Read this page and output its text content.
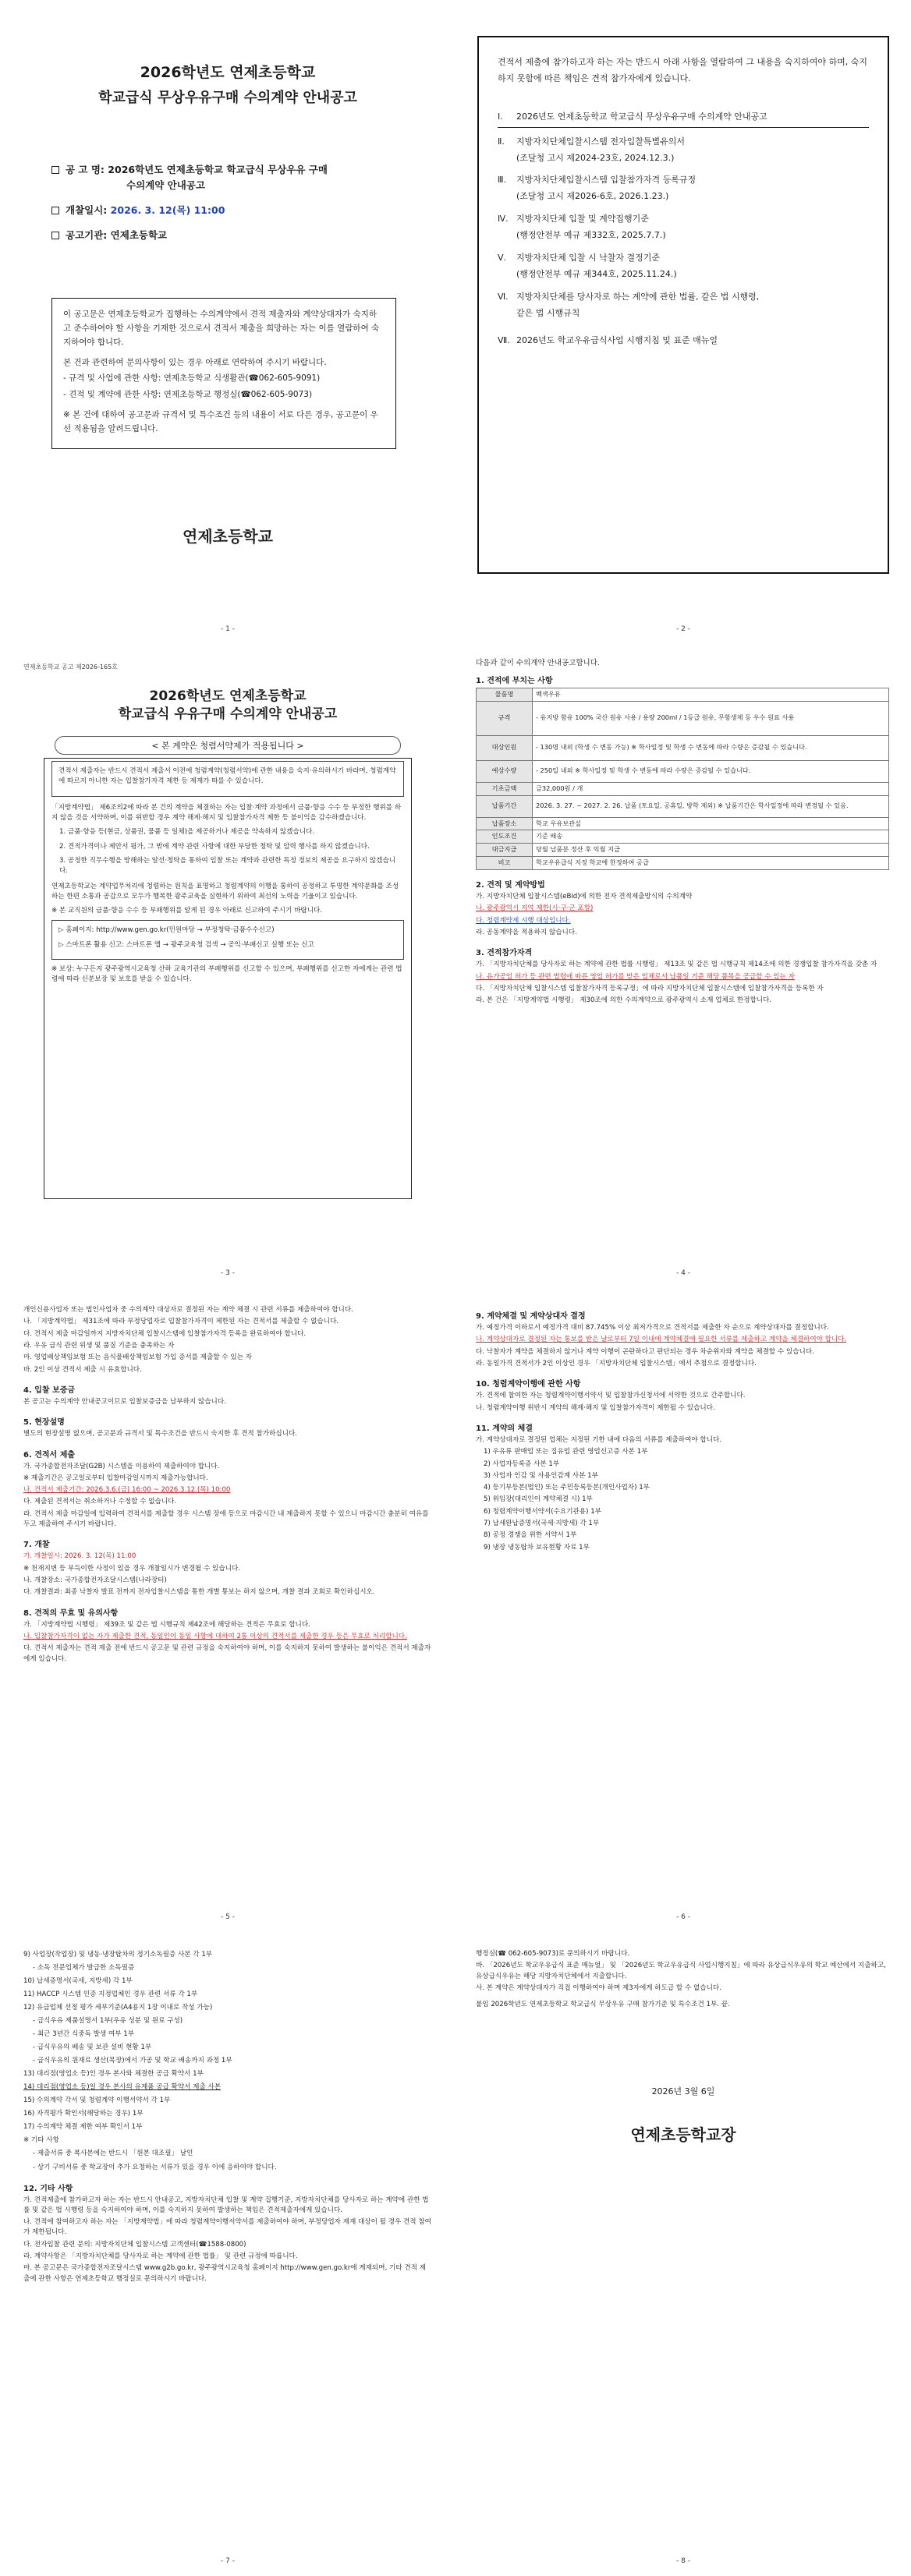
2026학년도 연제초등학교
학교급식 무상우유구매 수의계약 안내공고
공 고 명: 2026학년도 연제초등학교 학교급식 무상우유 구매
수의계약 안내공고
개찰일시: 2026. 3. 12(목) 11:00
공고기관: 연제초등학교

이 공고문은 연제초등학교가 집행하는 수의계약에서 견적 제출자와 계약상대자가 숙지하고 준수하여야 할 사항을 기재한 것으로서 견적서 제출을 희망하는 자는 이를 열람하여 숙지하여야 합니다.

본 건과 관련하여 문의사항이 있는 경우 아래로 연락하여 주시기 바랍니다.

- 규격 및 사업에 관한 사항: 연제초등학교 식생활관(☎062-605-9091)

- 견적 및 계약에 관한 사항: 연제초등학교 행정실(☎062-605-9073)

※ 본 건에 대하여 공고문과 규격서 및 특수조건 등의 내용이 서로 다른 경우, 공고문이 우선 적용됨을 알려드립니다.

연제초등학교
- 1 -
견적서 제출에 참가하고자 하는 자는 반드시 아래 사항을 열람하여 그 내용을 숙지하여야 하며, 숙지하지 못함에 따른 책임은 견적 참가자에게 있습니다.
Ⅰ. 2026년도 연제초등학교 학교급식 무상우유구매 수의계약 안내공고
Ⅱ. 지방자치단체입찰시스템 전자입찰특별유의서
(조달청 고시 제2024-23호, 2024.12.3.)
Ⅲ. 지방자치단체입찰시스템 입찰참가자격 등록규정
(조달청 고시 제2026-6호, 2026.1.23.)
Ⅳ. 지방자치단체 입찰 및 계약집행기준
(행정안전부 예규 제332호, 2025.7.7.)
Ⅴ. 지방자치단체 입찰 시 낙찰자 결정기준
(행정안전부 예규 제344호, 2025.11.24.)
Ⅵ. 지방자치단체를 당사자로 하는 계약에 관한 법률, 같은 법 시행령,
같은 법 시행규칙
Ⅶ. 2026년도 학교우유급식사업 시행지침 및 표준 매뉴얼
- 2 -
연제초등학교 공고 제2026-165호
2026학년도 연제초등학교
학교급식 우유구매 수의계약 안내공고
< 본 계약은 청렴서약제가 적용됩니다 >

견적서 제출자는 반드시 견적서 제출서 이전에 청렴계약(청렴서약)에 관한 내용을 숙지·유의하시기 바라며, 청렴계약에 따르지 아니한 자는 입찰참가자격 제한 등 제재가 따를 수 있습니다.

「지방계약법」 제6조의2에 따라 본 건의 계약을 체결하는 자는 입찰·계약 과정에서 금품·향응 수수 등 부정한 행위를 하지 않을 것을 서약하며, 이를 위반할 경우 계약 해제·해지 및 입찰참가자격 제한 등 불이익을 감수하겠습니다.

1. 금품·향응 등(현금, 상품권, 물품 등 일체)을 제공하거나 제공을 약속하지 않겠습니다.

2. 견적가격이나 제안서 평가, 그 밖에 계약 관련 사항에 대한 부당한 청탁 및 압력 행사를 하지 않겠습니다.

3. 공정한 직무수행을 방해하는 알선·청탁을 통하여 입찰 또는 계약과 관련한 특정 정보의 제공을 요구하지 않겠습니다.

연제초등학교는 계약업무처리에 청렴하는 원칙을 표명하고 청렴계약의 이행을 통하여 공정하고 투명한 계약문화를 조성하는 한편 소통과 공감으로 모두가 행복한 광주교육을 실현하기 위하여 최선의 노력을 기울이고 있습니다.

※ 본 교직원의 금품·향응 수수 등 부패행위를 알게 된 경우 아래로 신고하여 주시기 바랍니다.

▷ 홈페이지: http://www.gen.go.kr(민원마당 → 부정청탁·금품수수신고)

▷ 스마트폰 활용 신고: 스마트폰 앱 → 광주교육청 검색 → 공익·부패신고 실행 또는 신고

※ 보상: 누구든지 광주광역시교육청 산하 교육기관의 부패행위를 신고할 수 있으며, 부패행위를 신고한 자에게는 관련 법령에 따라 신분보장 및 보호를 받을 수 있습니다.

- 3 -
다음과 같이 수의계약 안내공고합니다.
1. 견적에 부치는 사항
물품명	백색우유
규격	- 유지방 함유 100% 국산 원유 사용 / 용량 200ml / 1등급 원유, 무항생제 등 우수 원료 사용
대상인원	- 130명 내외 (학생 수 변동 가능) ※ 학사일정 및 학생 수 변동에 따라 수량은 증감될 수 있습니다.
예상수량	- 250일 내외 ※ 학사일정 및 학생 수 변동에 따라 수량은 증감될 수 있습니다.
기초금액	금32,000원 / 개
납품기간	2026. 3. 27. ~ 2027. 2. 26. 납품 (토요일, 공휴일, 방학 제외) ※ 납품기간은 학사일정에 따라 변경될 수 있음.
납품장소	학교 우유보관실
인도조건	기준 배송
대금지급	당월 납품분 정산 후 익월 지급
비고	학교우유급식 지정 학교에 한정하여 공급
2. 견적 및 계약방법

가. 지방자치단체 입찰시스템(eBid)에 의한 전자 견적제출방식의 수의계약

나. 광주광역시 지역 제한(시·구·군 포함)

다. 청렴계약제 시행 대상입니다.

라. 공동계약을 적용하지 않습니다.

3. 견적참가자격

가. 「지방자치단체를 당사자로 하는 계약에 관한 법률 시행령」 제13조 및 같은 법 시행규칙 제14조에 의한 경쟁입찰 참가자격을 갖춘 자

나. 유가공업 허가 등 관련 법령에 따른 영업 허가를 받은 업체로서 납품일 기준 해당 품목을 공급할 수 있는 자

다. 「지방자치단체 입찰시스템 입찰참가자격 등록규정」에 따라 지방자치단체 입찰시스템에 입찰참가자격을 등록한 자

라. 본 건은 「지방계약법 시행령」 제30조에 의한 수의계약으로 광주광역시 소재 업체로 한정합니다.

- 4 -

개인신용사업자 또는 법인사업자 중 수의계약 대상자로 결정된 자는 계약 체결 시 관련 서류를 제출하여야 합니다.

나. 「지방계약법」 제31조에 따라 부정당업자로 입찰참가자격이 제한된 자는 견적서를 제출할 수 없습니다.

다. 견적서 제출 마감일까지 지방자치단체 입찰시스템에 입찰참가자격 등록을 완료하여야 합니다.

라. 우유 급식 관련 위생 및 품질 기준을 충족하는 자

마. 영업배상책임보험 또는 음식물배상책임보험 가입 증서를 제출할 수 있는 자

바. 2인 이상 견적서 제출 시 유효합니다.

4. 입찰 보증금
본 공고는 수의계약 안내공고이므로 입찰보증금을 납부하지 않습니다.
5. 현장설명
별도의 현장설명 없으며, 공고문과 규격서 및 특수조건을 반드시 숙지한 후 견적 참가하십니다.
6. 견적서 제출

가. 국가종합전자조달(G2B) 시스템을 이용하여 제출하여야 합니다.

※ 제출기간은 공고일로부터 입찰마감일시까지 제출가능합니다.

나. 견적서 제출기간: 2026.3.6.(금) 16:00 ~ 2026.3.12.(목) 10:00

다. 제출된 견적서는 취소하거나 수정할 수 없습니다.

라. 견적서 제출 마감일에 입력하여 견적서를 제출할 경우 시스템 장애 등으로 마감시간 내 제출하지 못할 수 있으니 마감시간 충분히 여유를 두고 제출하여 주시기 바랍니다.

7. 개찰

가. 개찰일시: 2026. 3. 12(목) 11:00

※ 천재지변 등 부득이한 사정이 있을 경우 개찰일시가 변경될 수 있습니다.

나. 개찰장소: 국가종합전자조달시스템(나라장터)

다. 개찰결과: 최종 낙찰자 발표 전까지 전자입찰시스템을 통한 개별 통보는 하지 않으며, 개찰 결과 조회로 확인하십시오.

8. 견적의 무효 및 유의사항

가. 「지방계약법 시행령」 제39조 및 같은 법 시행규칙 제42조에 해당하는 견적은 무효로 합니다.

나. 입찰참가자격이 없는 자가 제출한 견적, 동일인이 동일 사항에 대하여 2통 이상의 견적서를 제출한 경우 등은 무효로 처리합니다.

다. 견적서 제출자는 견적 제출 전에 반드시 공고문 및 관련 규정을 숙지하여야 하며, 이를 숙지하지 못하여 발생하는 불이익은 견적서 제출자에게 있습니다.

- 5 -
9. 계약체결 및 계약상대자 결정

가. 예정가격 이하로서 예정가격 대비 87.745% 이상 최저가격으로 견적서를 제출한 자 순으로 계약상대자를 결정합니다.

나. 계약상대자로 결정된 자는 통보를 받은 날로부터 7일 이내에 계약체결에 필요한 서류를 제출하고 계약을 체결하여야 합니다.

다. 낙찰자가 계약을 체결하지 않거나 계약 이행이 곤란하다고 판단되는 경우 차순위자와 계약을 체결할 수 있습니다.

라. 동일가격 견적서가 2인 이상인 경우 「지방자치단체 입찰시스템」에서 추첨으로 결정합니다.

10. 청렴계약이행에 관한 사항

가. 견적에 참여한 자는 청렴계약이행서약서 및 입찰참가신청서에 서약한 것으로 간주합니다.

나. 청렴계약이행 위반시 계약의 해제·해지 및 입찰참가자격이 제한될 수 있습니다.

11. 계약의 체결

가. 계약상대자로 결정된 업체는 지정된 기한 내에 다음의 서류를 제출하여야 합니다.

1) 우유류 판매업 또는 집유업 관련 영업신고증 사본 1부

2) 사업자등록증 사본 1부

3) 사업자 인감 및 사용인감계 사본 1부

4) 등기부등본(법인) 또는 주민등록등본(개인사업자) 1부

5) 위임장(대리인이 계약체결 시) 1부

6) 청렴계약이행서약서(수요기관용) 1부

7) 납세완납증명서(국세·지방세) 각 1부

8) 공정 경쟁을 위한 서약서 1부

9) 냉장 냉동탑차 보유현황 자료 1부

- 6 -

9) 사업장(작업장) 및 냉동·냉장탑차의 정기소독필증 사본 각 1부

- 소독 전문업체가 발급한 소독필증

10) 납세증명서(국세, 지방세) 각 1부

11) HACCP 시스템 인증 지정업체인 경우 관련 서류 각 1부

12) 유급업체 선정 평가 세부기준(A4용지 1장 이내로 작성 가능)

- 급식우유 제품설명서 1부(우유 성분 및 원료 구성)

- 최근 3년간 식중독 발생 여부 1부

- 급식우유의 배송 및 보관 설비 현황 1부

- 급식우유의 원재료 생산(목장)에서 가공 및 학교 배송까지 과정 1부

13) 대리점(영업소 등)인 경우 본사와 체결한 공급 확약서 1부

14) 대리점(영업소 등)일 경우 본사의 유제품 공급 확약서 제출 사본

15) 수의계약 각서 및 청렴계약 이행서약서 각 1부

16) 자격평가 확인서(해당하는 경우) 1부

17) 수의계약 체결 제한 여부 확인서 1부

※ 기타 사항

- 제출서류 중 복사본에는 반드시 「원본 대조필」 날인

- 상기 구비서류 중 학교장이 추가 요청하는 서류가 있을 경우 이에 응하여야 합니다.

12. 기타 사항

가. 견적제출에 참가하고자 하는 자는 반드시 안내공고, 지방자치단체 입찰 및 계약 집행기준, 지방자치단체를 당사자로 하는 계약에 관한 법률 및 같은 법 시행령 등을 숙지하여야 하며, 이를 숙지하지 못하여 발생하는 책임은 견적제출자에게 있습니다.

나. 견적에 참여하고자 하는 자는 「지방계약법」에 따라 청렴계약이행서약서를 제출하여야 하며, 부정당업자 제재 대상이 될 경우 견적 참여가 제한됩니다.

다. 전자입찰 관련 문의: 지방자치단체 입찰시스템 고객센터(☎1588-0800)

라. 계약사항은 「지방자치단체를 당사자로 하는 계약에 관한 법률」 및 관련 규정에 따릅니다.

마. 본 공고문은 국가종합전자조달시스템 www.g2b.go.kr, 광주광역시교육청 홈페이지 http://www.gen.go.kr에 게재되며, 기타 견적 제출에 관한 사항은 연제초등학교 행정실로 문의하시기 바랍니다.

- 7 -

행정실(☎ 062-605-9073)로 문의하시기 바랍니다.

바. 「2026년도 학교우유급식 표준 매뉴얼」 및 「2026년도 학교우유급식 사업시행지침」에 따라 유상급식우유의 학교 예산에서 지출하고, 유상급식우유는 해당 지방자치단체에서 지출합니다.

사. 본 계약은 계약상대자가 직접 이행하여야 하며 제3자에게 하도급 할 수 없습니다.

붙임 2026학년도 연제초등학교 학교급식 무상우유 구매 참가기준 및 특수조건 1부. 끝.

2026년 3월 6일
연제초등학교장
- 8 -
